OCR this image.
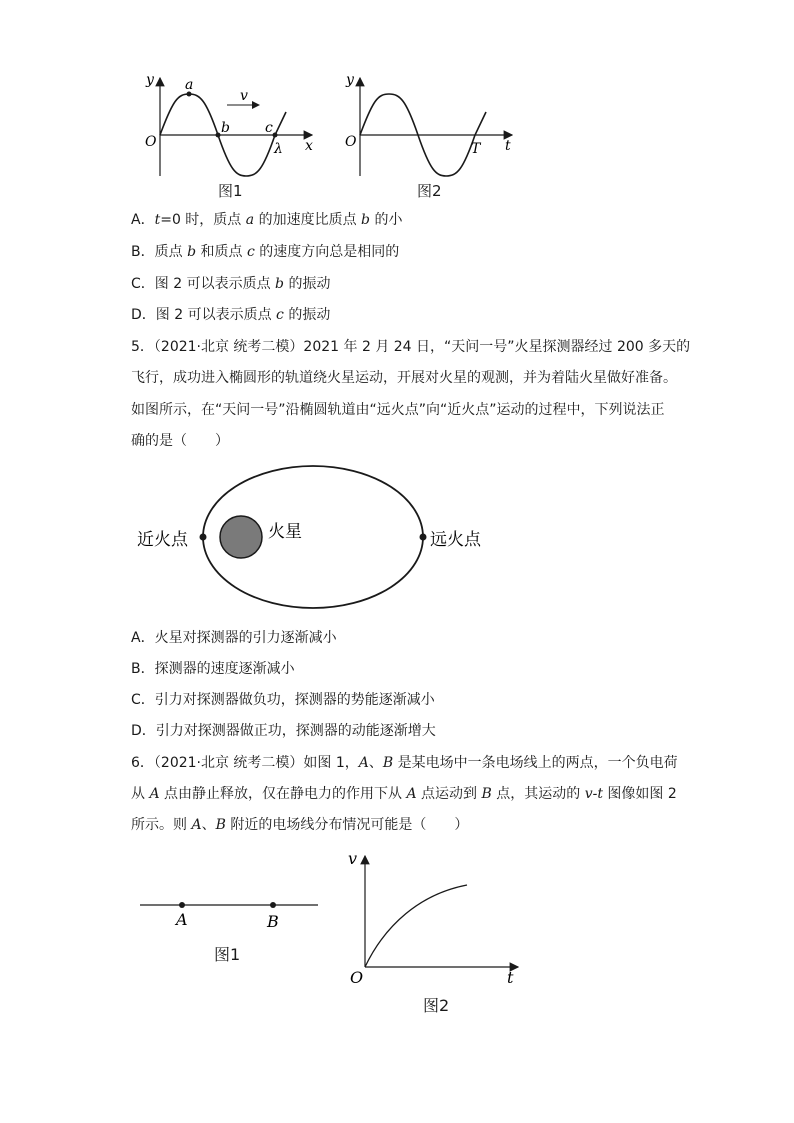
y
O
a
b	c
λ
v
x
图1
y
O	T t
图2
A．t=0 时，质点 a 的加速度比质点 b 的小
B．质点 b 和质点 c 的速度方向总是相同的
C．图 2 可以表示质点 b 的振动
D．图 2 可以表示质点 c 的振动
5．（2021·北京 统考二模）2021 年 2 月 24 日，“天问一号”火星探测器经过 200 多天的
飞行，成功进入椭圆形的轨道绕火星运动，开展对火星的观测，并为着陆火星做好准备。
如图所示，在“天问一号”沿椭圆轨道由“远火点”向“近火点”运动的过程中，下列说法正
确的是（　　）
近火点	火星	远火点
A．火星对探测器的引力逐渐减小
B．探测器的速度逐渐减小
C．引力对探测器做负功，探测器的势能逐渐减小
D．引力对探测器做正功，探测器的动能逐渐增大
6．（2021·北京 统考二模）如图 1，A、B 是某电场中一条电场线上的两点，一个负电荷
从 A 点由静止释放，仅在静电力的作用下从 A 点运动到 B 点，其运动的 v-t 图像如图 2
所示。则 A、B 附近的电场线分布情况可能是（　　）
A	B
图1
v
O	t
图2
